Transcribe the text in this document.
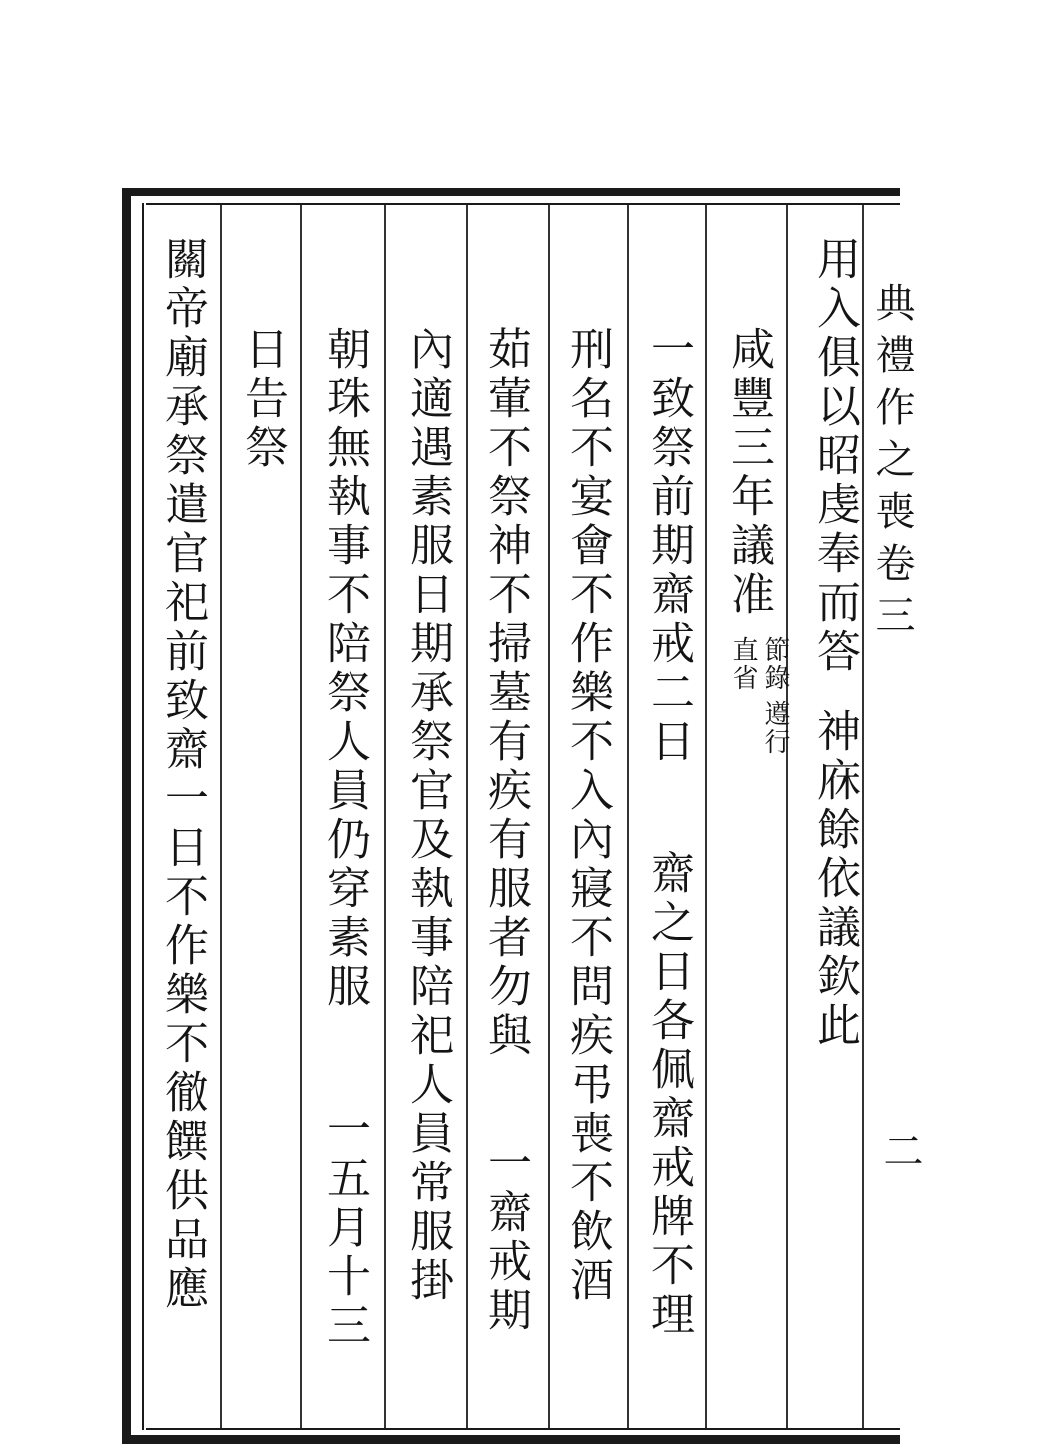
典禮作之喪卷三
二
用入俱以昭虔奉而答
神庥餘依議欽此
咸豐三年議准
節錄
直省
遵行
一致祭前期齋戒二日
齋之日各佩齋戒牌不理
刑名不宴會不作樂不入內寢不問疾弔喪不飲酒
茹葷不祭神不掃墓有疾有服者勿與
一齋戒期
內適遇素服日期承祭官及執事陪祀人員常服掛
朝珠無執事不陪祭人員仍穿素服
一五月十三
日告祭
關帝廟承祭遣官祀前致齋一日不作樂不徹饌供品應
